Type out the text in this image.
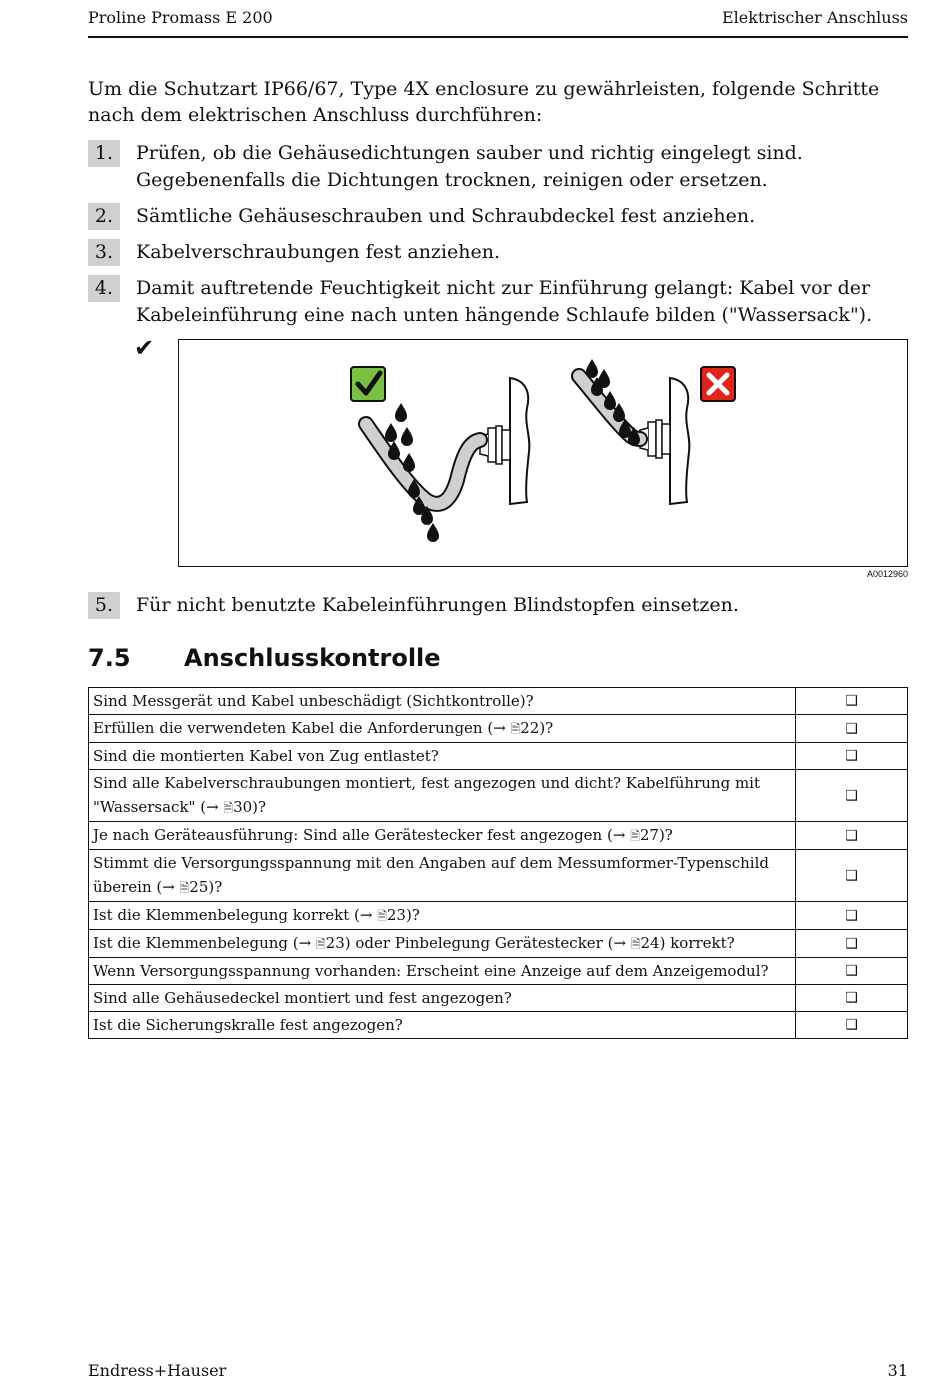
Proline Promass E 200	Elektrischer Anschluss
Um die Schutzart IP66/67, Type 4X enclosure zu gewährleisten, folgende Schritte nach dem elektrischen Anschluss durchführen:
1.	Prüfen, ob die Gehäusedichtungen sauber und richtig eingelegt sind. Gegebenenfalls die Dichtungen trocknen, reinigen oder ersetzen.
2.	Sämtliche Gehäuseschrauben und Schraubdeckel fest anziehen.
3.	Kabelverschraubungen fest anziehen.
4.	Damit auftretende Feuchtigkeit nicht zur Einführung gelangt: Kabel vor der Kabeleinführung eine nach unten hängende Schlaufe bilden ("Wassersack").
✔
A0012960
5.	Für nicht benutzte Kabeleinführungen Blindstopfen einsetzen.
7.5 Anschlusskontrolle
Sind Messgerät und Kabel unbeschädigt (Sichtkontrolle)?	❑
Erfüllen die verwendeten Kabel die Anforderungen (→ 🗎22)?	❑
Sind die montierten Kabel von Zug entlastet?	❑
Sind alle Kabelverschraubungen montiert, fest angezogen und dicht? Kabelführung mit "Wassersack" (→ 🗎30)?	❑
Je nach Geräteausführung: Sind alle Gerätestecker fest angezogen (→ 🗎27)?	❑
Stimmt die Versorgungsspannung mit den Angaben auf dem Messumformer-Typenschild überein (→ 🗎25)?	❑
Ist die Klemmenbelegung korrekt (→ 🗎23)?	❑
Ist die Klemmenbelegung (→ 🗎23) oder Pinbelegung Gerätestecker (→ 🗎24) korrekt?	❑
Wenn Versorgungsspannung vorhanden: Erscheint eine Anzeige auf dem Anzeigemodul?	❑
Sind alle Gehäusedeckel montiert und fest angezogen?	❑
Ist die Sicherungskralle fest angezogen?	❑
Endress+Hauser	31
